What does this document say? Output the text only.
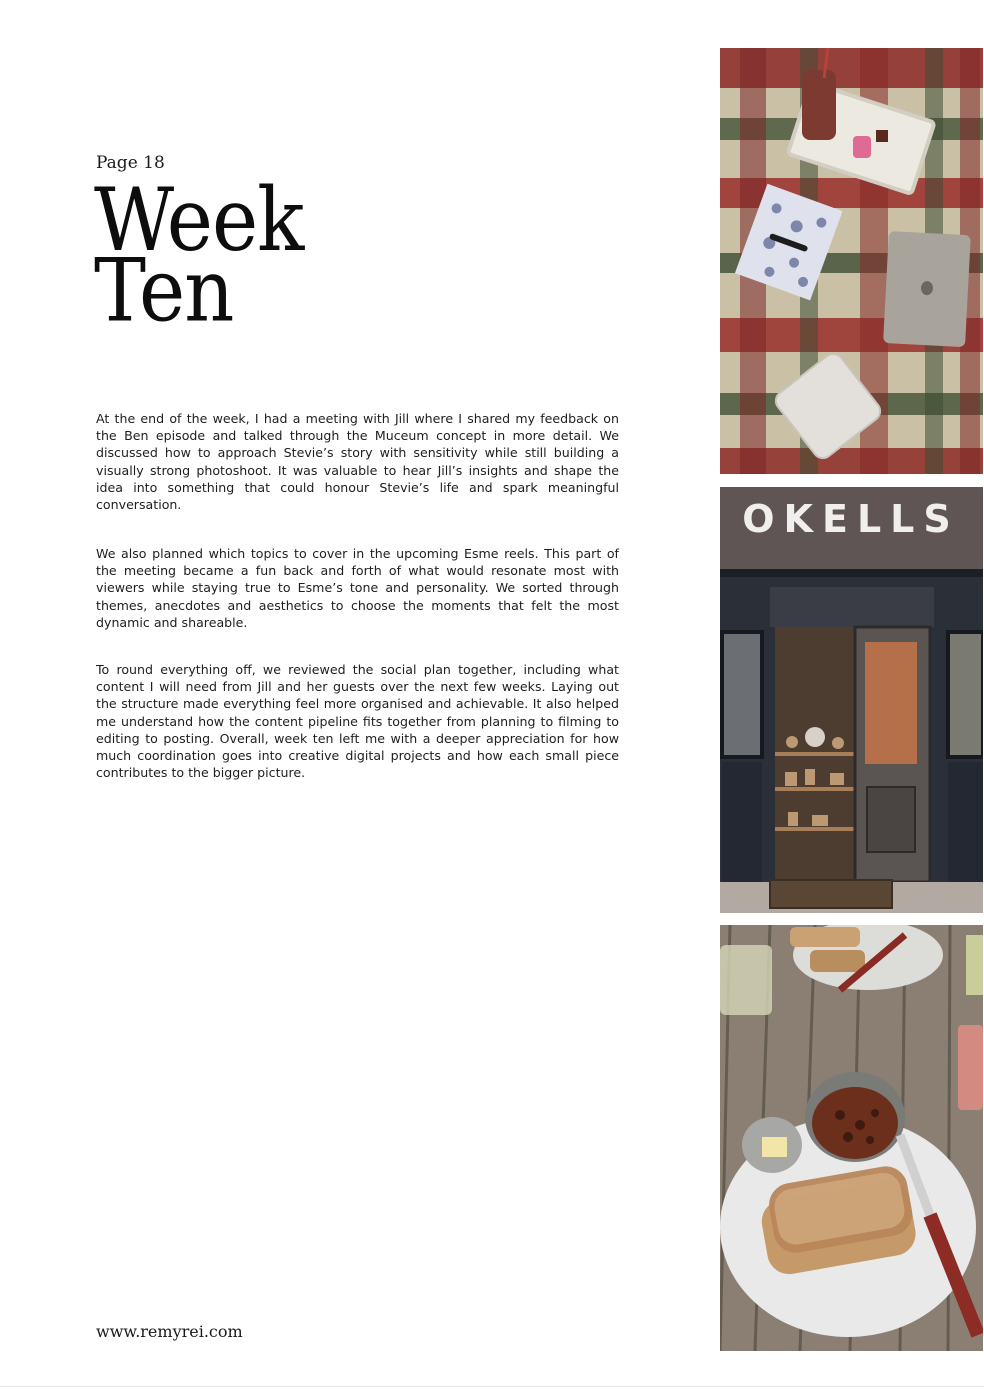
Page 18
Week
Ten

At the end of the week, I had a meeting with Jill where I shared my feedback on the Ben episode and talked through the Muceum concept in more detail. We discussed how to approach Stevie’s story with sensitivity while still building a visually strong photoshoot. It was valuable to hear Jill’s insights and shape the idea into something that could honour Stevie’s life and spark meaningful conversation.

We also planned which topics to cover in the upcoming Esme reels. This part of the meeting became a fun back and forth of what would resonate most with viewers while staying true to Esme’s tone and personality. We sorted through themes, anecdotes and aesthetics to choose the moments that felt the most dynamic and shareable.

To round everything off, we reviewed the social plan together, including what content I will need from Jill and her guests over the next few weeks. Laying out the structure made everything feel more organised and achievable. It also helped me understand how the content pipeline fits together from planning to filming to editing to posting. Overall, week ten left me with a deeper appreciation for how much coordination goes into creative digital projects and how each small piece contributes to the bigger picture.

www.remyrei.com
OKELLS
